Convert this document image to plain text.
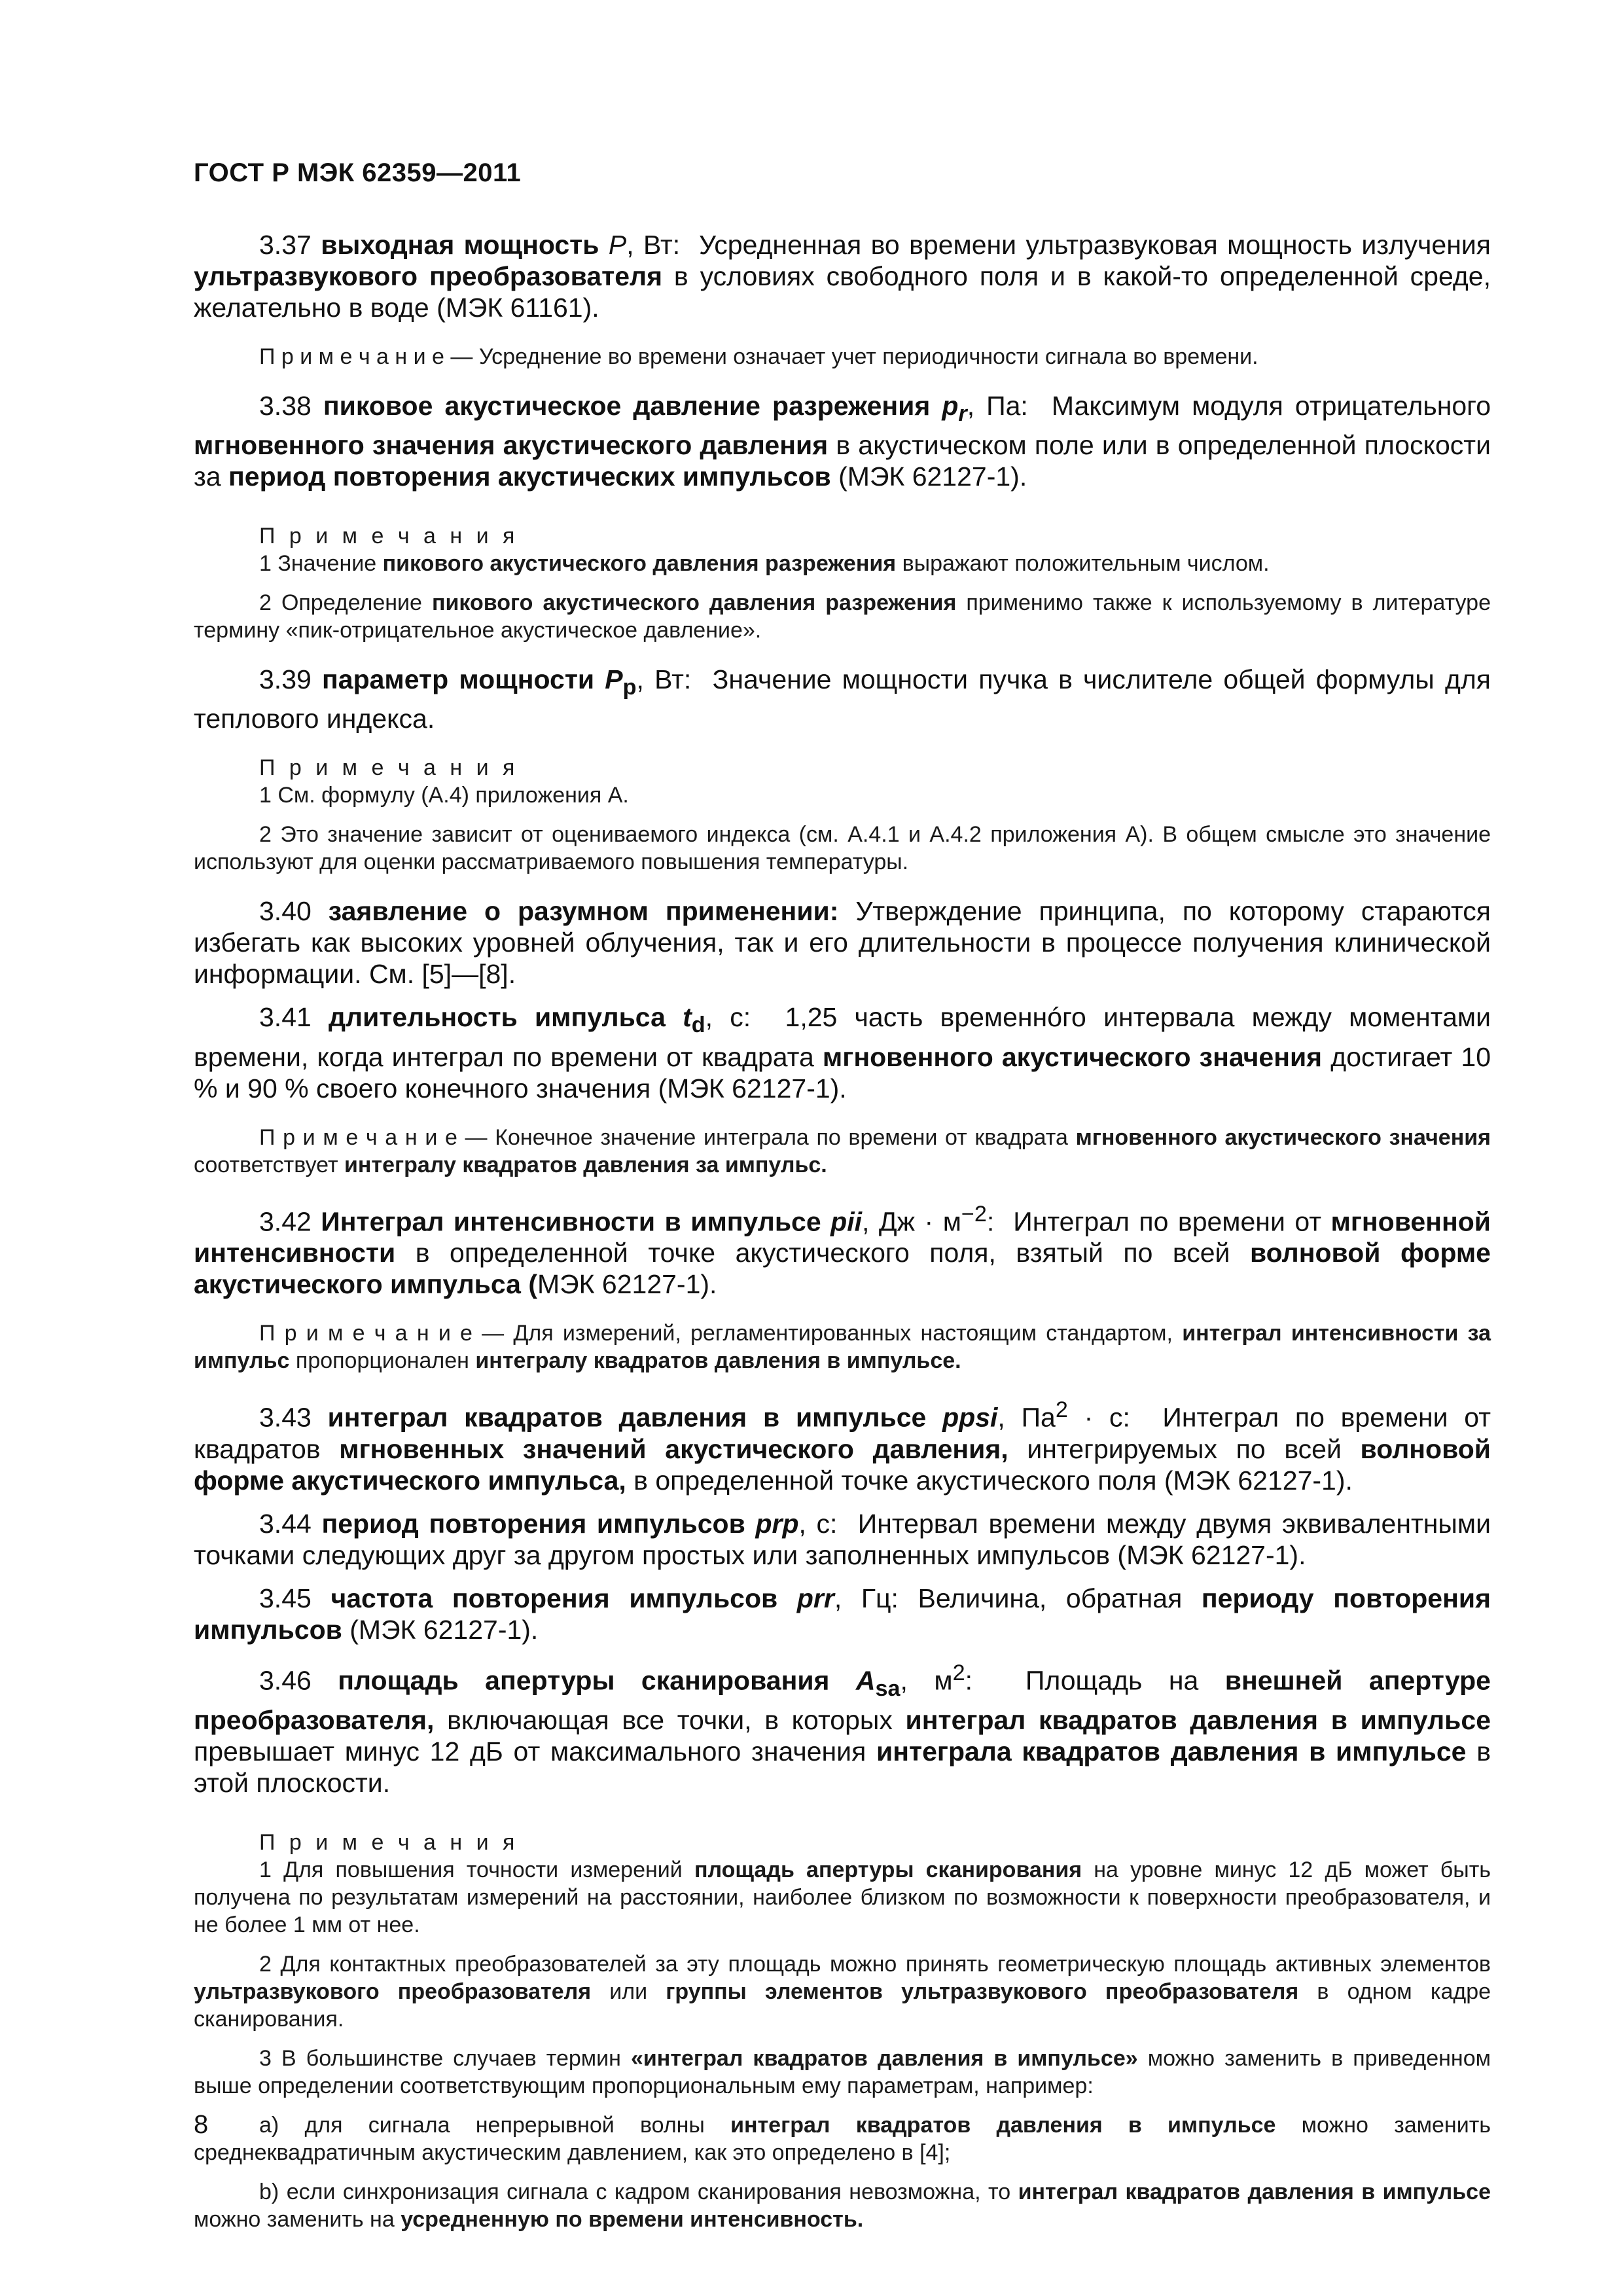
ГОСТ Р МЭК 62359—2011

3.37 выходная мощность P, Вт:  Усредненная во времени ультразвуковая мощность излучения ультразвукового преобразователя в условиях свободного поля и в какой-то определенной среде, желательно в воде (МЭК 61161).

П р и м е ч а н и е — Усреднение во времени означает учет периодичности сигнала во времени.

3.38 пиковое акустическое давление разрежения $p_r$, Па:  Максимум модуля отрицательного мгновенного значения акустического давления в акустическом поле или в определенной плоскости за период повторения акустических импульсов (МЭК 62127-1).

П р и м е ч а н и я

1 Значение пикового акустического давления разрежения выражают положительным числом.

2 Определение пикового акустического давления разрежения применимо также к используемому в литературе термину «пик-отрицательное акустическое давление».

3.39 параметр мощности $P_p$, Вт:  Значение мощности пучка в числителе общей формулы для теплового индекса.

П р и м е ч а н и я

1 См. формулу (А.4) приложения А.

2 Это значение зависит от оцениваемого индекса (см. А.4.1 и А.4.2 приложения А). В общем смысле это значение используют для оценки рассматриваемого повышения температуры.

3.40 заявление о разумном применении: Утверждение принципа, по которому стараются избегать как высоких уровней облучения, так и его длительности в процессе получения клинической информации. См. [5]—[8].

3.41 длительность импульса $t_d$, с:  1,25 часть временнóго интервала между моментами времени, когда интеграл по времени от квадрата мгновенного акустического значения достигает 10 % и 90 % своего конечного значения (МЭК 62127-1).

П р и м е ч а н и е — Конечное значение интеграла по времени от квадрата мгновенного акустического значения соответствует интегралу квадратов давления за импульс.

3.42 Интеграл интенсивности в импульсе pii, Дж · $м^{-2}$:  Интеграл по времени от мгновенной интенсивности в определенной точке акустического поля, взятый по всей волновой форме акустического импульса (МЭК 62127-1).

П р и м е ч а н и е — Для измерений, регламентированных настоящим стандартом, интеграл интенсивности за импульс пропорционален интегралу квадратов давления в импульсе.

3.43 интеграл квадратов давления в импульсе ppsi, $Па^2 \cdot с$:  Интеграл по времени от квадратов мгновенных значений акустического давления, интегрируемых по всей волновой форме акустического импульса, в определенной точке акустического поля (МЭК 62127-1).

3.44 период повторения импульсов prp, с:  Интервал времени между двумя эквивалентными точками следующих друг за другом простых или заполненных импульсов (МЭК 62127-1).

3.45 частота повторения импульсов prr, Гц: Величина, обратная периоду повторения импульсов (МЭК 62127-1).

3.46 площадь апертуры сканирования $A_{sa}$, $м^2$:  Площадь на внешней апертуре преобразователя, включающая все точки, в которых интеграл квадратов давления в импульсе превышает минус 12 дБ от максимального значения интеграла квадратов давления в импульсе в этой плоскости.

П р и м е ч а н и я

1 Для повышения точности измерений площадь апертуры сканирования на уровне минус 12 дБ может быть получена по результатам измерений на расстоянии, наиболее близком по возможности к поверхности преобразователя, и не более 1 мм от нее.

2 Для контактных преобразователей за эту площадь можно принять геометрическую площадь активных элементов ультразвукового преобразователя или группы элементов ультразвукового преобразователя в одном кадре сканирования.

3 В большинстве случаев термин «интеграл квадратов давления в импульсе» можно заменить в приведенном выше определении соответствующим пропорциональным ему параметрам, например:

a) для сигнала непрерывной волны интеграл квадратов давления в импульсе можно заменить среднеквадратичным акустическим давлением, как это определено в [4];

b) если синхронизация сигнала с кадром сканирования невозможна, то интеграл квадратов давления в импульсе можно заменить на усредненную по времени интенсивность.

8
